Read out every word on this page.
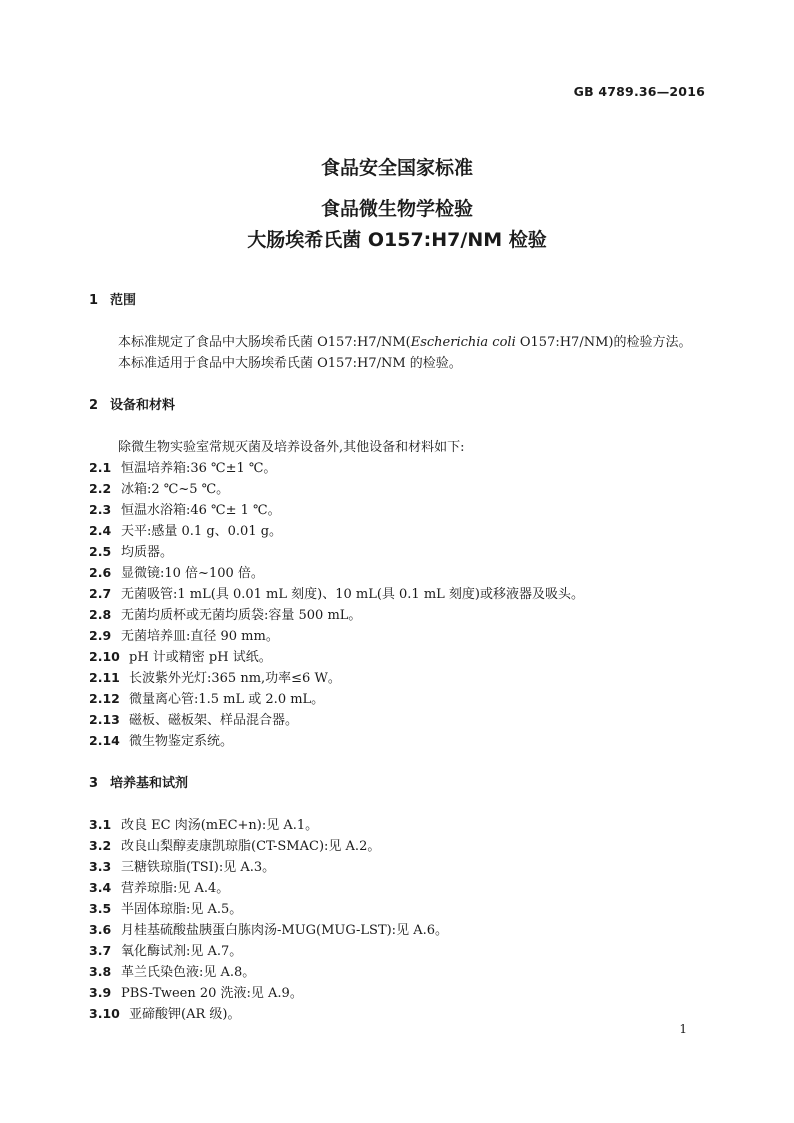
GB 4789.36—2016
食品安全国家标准
食品微生物学检验
大肠埃希氏菌 O157:H7/NM 检验
1 范围
本标准规定了食品中大肠埃希氏菌 O157:H7/NM(Escherichia coli O157:H7/NM)的检验方法。
本标准适用于食品中大肠埃希氏菌 O157:H7/NM 的检验。
2 设备和材料
除微生物实验室常规灭菌及培养设备外,其他设备和材料如下:
2.1 恒温培养箱:36 ℃±1 ℃。
2.2 冰箱:2 ℃~5 ℃。
2.3 恒温水浴箱:46 ℃± 1 ℃。
2.4 天平:感量 0.1 g、0.01 g。
2.5 均质器。
2.6 显微镜:10 倍~100 倍。
2.7 无菌吸管:1 mL(具 0.01 mL 刻度)、10 mL(具 0.1 mL 刻度)或移液器及吸头。
2.8 无菌均质杯或无菌均质袋:容量 500 mL。
2.9 无菌培养皿:直径 90 mm。
2.10 pH 计或精密 pH 试纸。
2.11 长波紫外光灯:365 nm,功率≤6 W。
2.12 微量离心管:1.5 mL 或 2.0 mL。
2.13 磁板、磁板架、样品混合器。
2.14 微生物鉴定系统。
3 培养基和试剂
3.1 改良 EC 肉汤(mEC+n):见 A.1。
3.2 改良山梨醇麦康凯琼脂(CT-SMAC):见 A.2。
3.3 三糖铁琼脂(TSI):见 A.3。
3.4 营养琼脂:见 A.4。
3.5 半固体琼脂:见 A.5。
3.6 月桂基硫酸盐胰蛋白胨肉汤-MUG(MUG-LST):见 A.6。
3.7 氧化酶试剂:见 A.7。
3.8 革兰氏染色液:见 A.8。
3.9 PBS-Tween 20 洗液:见 A.9。
3.10 亚碲酸钾(AR 级)。
1
